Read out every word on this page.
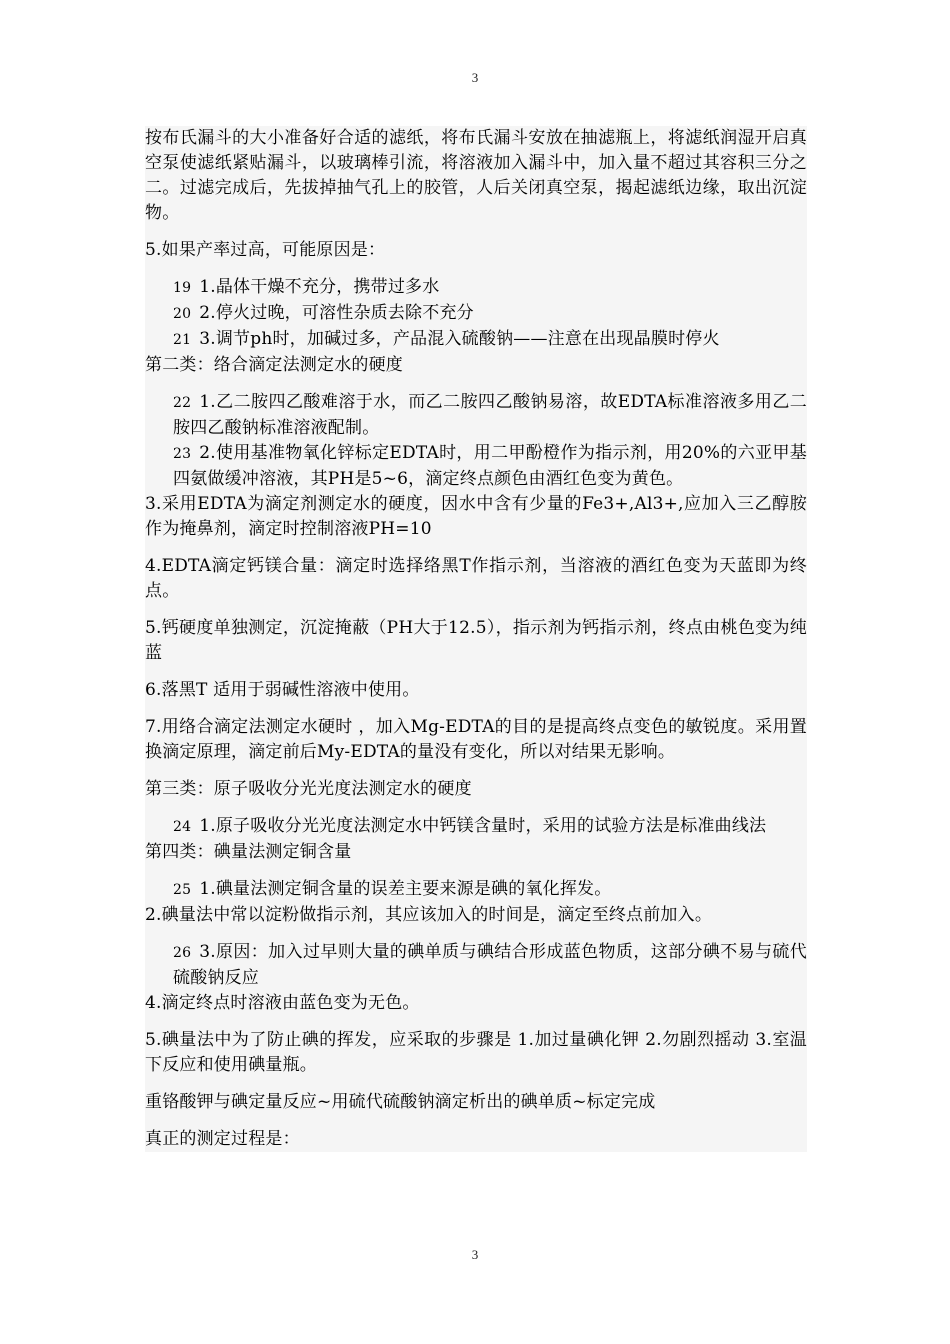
3
按布氏漏斗的大小准备好合适的滤纸，将布氏漏斗安放在抽滤瓶上，将滤纸润湿开启真空泵使滤纸紧贴漏斗，以玻璃棒引流，将溶液加入漏斗中，加入量不超过其容积三分之二。过滤完成后，先拔掉抽气孔上的胶管，人后关闭真空泵，揭起滤纸边缘，取出沉淀物。
5.如果产率过高，可能原因是：
19 1.晶体干燥不充分，携带过多水
20 2.停火过晚，可溶性杂质去除不充分
21 3.调节ph时，加碱过多，产品混入硫酸钠——注意在出现晶膜时停火
第二类：络合滴定法测定水的硬度
22 1.乙二胺四乙酸难溶于水，而乙二胺四乙酸钠易溶，故EDTA标准溶液多用乙二胺四乙酸钠标准溶液配制。
23 2.使用基准物氧化锌标定EDTA时，用二甲酚橙作为指示剂，用20%的六亚甲基四氨做缓冲溶液，其PH是5~6，滴定终点颜色由酒红色变为黄色。
3.采用EDTA为滴定剂测定水的硬度，因水中含有少量的Fe3+,Al3+,应加入三乙醇胺作为掩鼻剂，滴定时控制溶液PH=10
4.EDTA滴定钙镁合量：滴定时选择络黑T作指示剂，当溶液的酒红色变为天蓝即为终点。
5.钙硬度单独测定，沉淀掩蔽（PH大于12.5），指示剂为钙指示剂，终点由桃色变为纯蓝
6.落黑T 适用于弱碱性溶液中使用。
7.用络合滴定法测定水硬时 ，加入Mg-EDTA的目的是提高终点变色的敏锐度。采用置换滴定原理，滴定前后My-EDTA的量没有变化，所以对结果无影响。
第三类：原子吸收分光光度法测定水的硬度
24 1.原子吸收分光光度法测定水中钙镁含量时，采用的试验方法是标准曲线法
第四类：碘量法测定铜含量
25 1.碘量法测定铜含量的误差主要来源是碘的氧化挥发。
2.碘量法中常以淀粉做指示剂，其应该加入的时间是，滴定至终点前加入。
26 3.原因：加入过早则大量的碘单质与碘结合形成蓝色物质，这部分碘不易与硫代硫酸钠反应
4.滴定终点时溶液由蓝色变为无色。
5.碘量法中为了防止碘的挥发，应采取的步骤是 1.加过量碘化钾 2.勿剧烈摇动 3.室温下反应和使用碘量瓶。
重铬酸钾与碘定量反应~用硫代硫酸钠滴定析出的碘单质~标定完成
真正的测定过程是：
3
